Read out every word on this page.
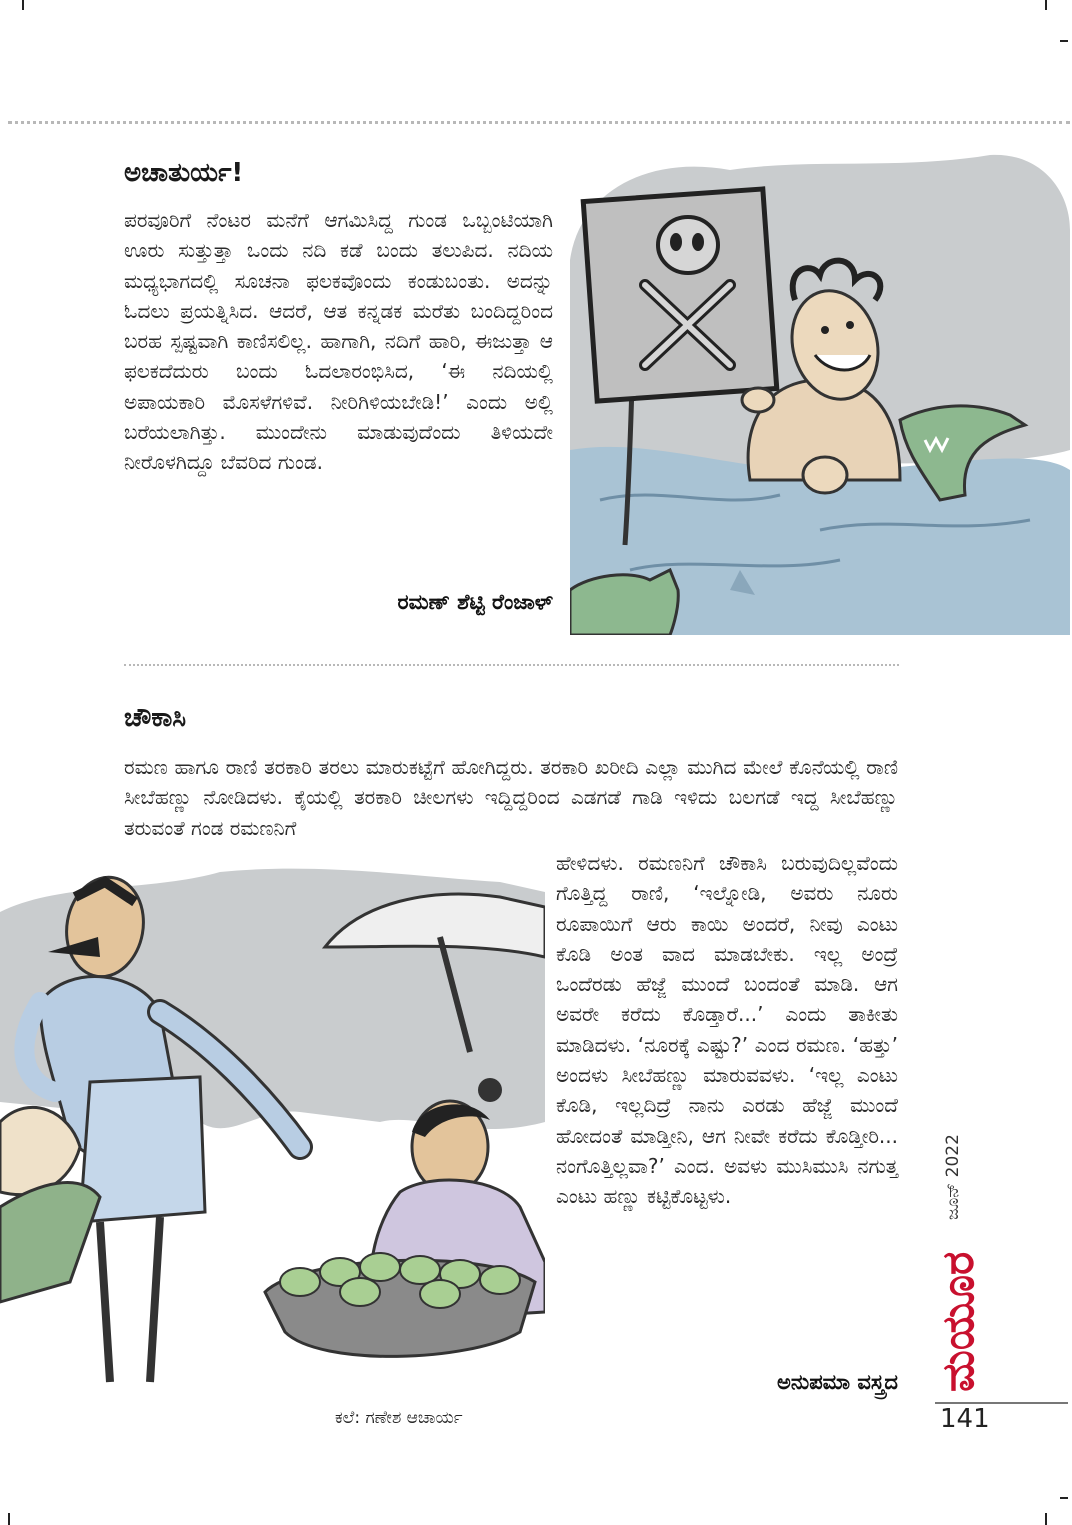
ಅಚಾತುರ್ಯ!

ಪರವೂರಿಗೆ ನೆಂಟರ ಮನೆಗೆ ಆಗಮಿಸಿದ್ದ ಗುಂಡ ಒಬ್ಬಂಟಿಯಾಗಿ ಊರು ಸುತ್ತುತ್ತಾ ಒಂದು ನದಿ ಕಡೆ ಬಂದು ತಲುಪಿದ. ನದಿಯ ಮಧ್ಯಭಾಗದಲ್ಲಿ ಸೂಚನಾ ಫಲಕವೊಂದು ಕಂಡುಬಂತು. ಅದನ್ನು ಓದಲು ಪ್ರಯತ್ನಿಸಿದ. ಆದರೆ, ಆತ ಕನ್ನಡಕ ಮರೆತು ಬಂದಿದ್ದರಿಂದ ಬರಹ ಸ್ಪಷ್ಟವಾಗಿ ಕಾಣಿಸಲಿಲ್ಲ. ಹಾಗಾಗಿ, ನದಿಗೆ ಹಾರಿ, ಈಜುತ್ತಾ ಆ ಫಲಕದೆದುರು ಬಂದು ಓದಲಾರಂಭಿಸಿದ, ‘ಈ ನದಿಯಲ್ಲಿ ಅಪಾಯಕಾರಿ ಮೊಸಳೆಗಳಿವೆ. ನೀರಿಗಿಳಿಯಬೇಡಿ!’ ಎಂದು ಅಲ್ಲಿ ಬರೆಯಲಾಗಿತ್ತು. ಮುಂದೇನು ಮಾಡುವುದೆಂದು ತಿಳಿಯದೇ ನೀರೊಳಗಿದ್ದೂ ಬೆವರಿದ ಗುಂಡ.

ರಮಣ್ ಶೆಟ್ಟಿ ರೆಂಜಾಳ್
ಚೌಕಾಸಿ

ರಮಣ ಹಾಗೂ ರಾಣಿ ತರಕಾರಿ ತರಲು ಮಾರುಕಟ್ಟೆಗೆ ಹೋಗಿದ್ದರು. ತರಕಾರಿ ಖರೀದಿ ಎಲ್ಲಾ ಮುಗಿದ ಮೇಲೆ ಕೊನೆಯಲ್ಲಿ ರಾಣಿ ಸೀಬೆಹಣ್ಣು ನೋಡಿದಳು. ಕೈಯಲ್ಲಿ ತರಕಾರಿ ಚೀಲಗಳು ಇದ್ದಿದ್ದರಿಂದ ಎಡಗಡೆ ಗಾಡಿ ಇಳಿದು ಬಲಗಡೆ ಇದ್ದ ಸೀಬೆಹಣ್ಣು ತರುವಂತೆ ಗಂಡ ರಮಣನಿಗೆ

ಹೇಳಿದಳು. ರಮಣನಿಗೆ ಚೌಕಾಸಿ ಬರುವುದಿಲ್ಲವೆಂದು ಗೊತ್ತಿದ್ದ ರಾಣಿ, ‘ಇಲ್ನೋಡಿ, ಅವರು ನೂರು ರೂಪಾಯಿಗೆ ಆರು ಕಾಯಿ ಅಂದರೆ, ನೀವು ಎಂಟು ಕೊಡಿ ಅಂತ ವಾದ ಮಾಡಬೇಕು. ಇಲ್ಲ ಅಂದ್ರೆ ಒಂದೆರಡು ಹೆಜ್ಜೆ ಮುಂದೆ ಬಂದಂತೆ ಮಾಡಿ. ಆಗ ಅವರೇ ಕರೆದು ಕೊಡ್ತಾರೆ...’ ಎಂದು ತಾಕೀತು ಮಾಡಿದಳು. ‘ನೂರಕ್ಕೆ ಎಷ್ಟು?’ ಎಂದ ರಮಣ. ‘ಹತ್ತು’ ಅಂದಳು ಸೀಬೆಹಣ್ಣು ಮಾರುವವಳು. ‘ಇಲ್ಲ ಎಂಟು ಕೊಡಿ, ಇಲ್ಲದಿದ್ರೆ ನಾನು ಎರಡು ಹೆಜ್ಜೆ ಮುಂದೆ ಹೋದಂತೆ ಮಾಡ್ತೀನಿ, ಆಗ ನೀವೇ ಕರೆದು ಕೊಡ್ತೀರಿ... ನಂಗೊತ್ತಿಲ್ಲವಾ?’ ಎಂದ. ಅವಳು ಮುಸಿಮುಸಿ ನಗುತ್ತ ಎಂಟು ಹಣ್ಣು ಕಟ್ಟಿಕೊಟ್ಟಳು.

ಅನುಪಮಾ ವಸ್ತ್ರದ
ಕಲೆ: ಗಣೇಶ ಆಚಾರ್ಯ
ಜೂನ್ 2022
ಮಯೂರ
141
